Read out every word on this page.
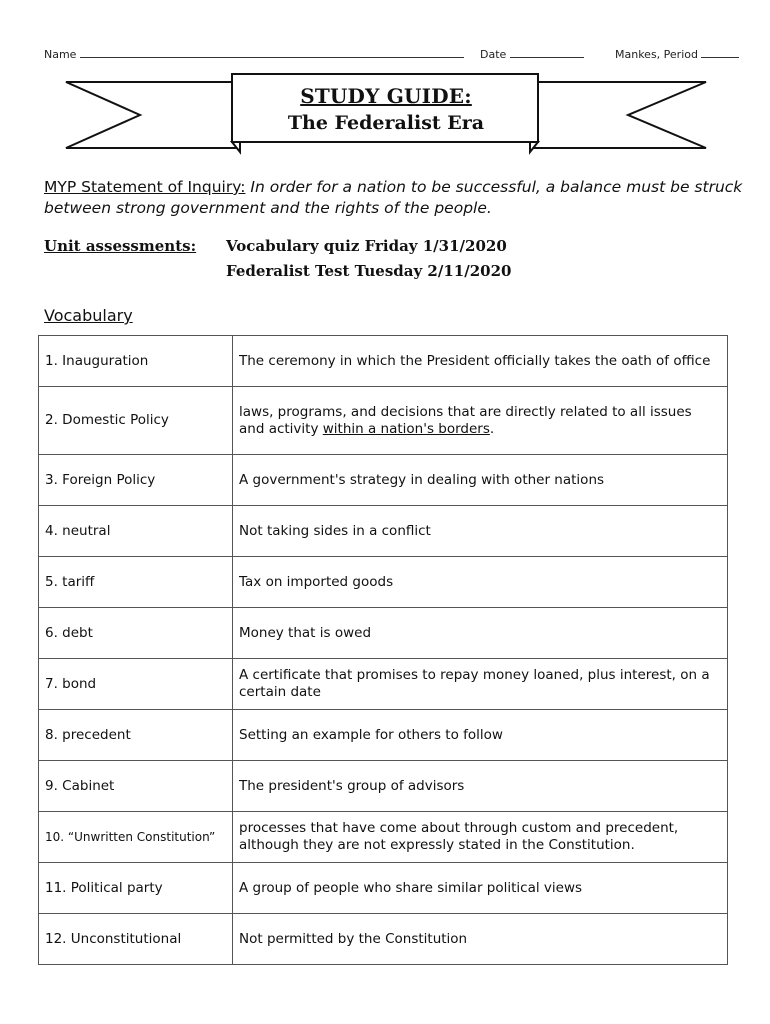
Name	Date	Mankes, Period
STUDY GUIDE:
The Federalist Era
MYP Statement of Inquiry: In order for a nation to be successful, a balance must be struck between strong government and the rights of the people.
Unit assessments: Vocabulary quiz Friday 1/31/2020
Federalist Test Tuesday 2/11/2020
Vocabulary
1. Inauguration	The ceremony in which the President officially takes the oath of office
2. Domestic Policy	laws, programs, and decisions that are directly related to all issues and activity within a nation's borders.
3. Foreign Policy	A government's strategy in dealing with other nations
4. neutral	Not taking sides in a conflict
5. tariff	Tax on imported goods
6. debt	Money that is owed
7. bond	A certificate that promises to repay money loaned, plus interest, on a certain date
8. precedent	Setting an example for others to follow
9. Cabinet	The president's group of advisors
10. “Unwritten Constitution”	processes that have come about through custom and precedent, although they are not expressly stated in the Constitution.
11. Political party	A group of people who share similar political views
12. Unconstitutional	Not permitted by the Constitution
